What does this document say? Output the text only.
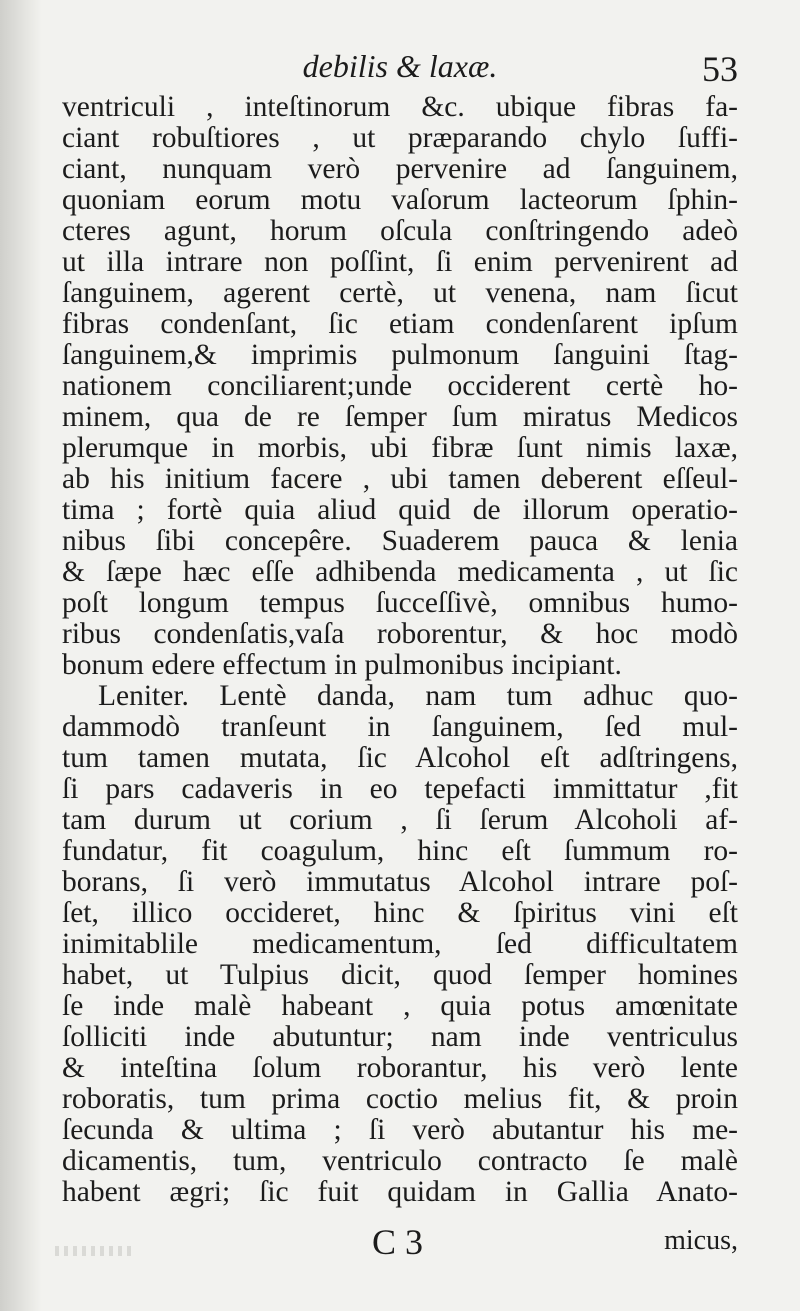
debilis & laxæ.	53
ventriculi , inteſtinorum &c. ubique fibras fa-
ciant robuſtiores , ut præparando chylo ſuffi-
ciant, nunquam verò pervenire ad ſanguinem,
quoniam eorum motu vaſorum lacteorum ſphin-
cteres agunt, horum oſcula conſtringendo adeò
ut illa intrare non poſſint, ſi enim pervenirent ad
ſanguinem, agerent certè, ut venena, nam ſicut
fibras condenſant, ſic etiam condenſarent ipſum
ſanguinem,& imprimis pulmonum ſanguini ſtag-
nationem conciliarent;unde occiderent certè ho-
minem, qua de re ſemper ſum miratus Medicos
plerumque in morbis, ubi fibræ ſunt nimis laxæ,
ab his initium facere , ubi tamen deberent eſſeul-
tima ; fortè quia aliud quid de illorum operatio-
nibus ſibi concepêre. Suaderem pauca & lenia
& ſæpe hæc eſſe adhibenda medicamenta , ut ſic
poſt longum tempus ſucceſſivè, omnibus humo-
ribus condenſatis,vaſa roborentur, & hoc modò
bonum edere effectum in pulmonibus incipiant.
Leniter. Lentè danda, nam tum adhuc quo-
dammodò tranſeunt in ſanguinem, ſed mul-
tum tamen mutata, ſic Alcohol eſt adſtringens,
ſi pars cadaveris in eo tepefacti immittatur ,fit
tam durum ut corium , ſi ſerum Alcoholi af-
fundatur, fit coagulum, hinc eſt ſummum ro-
borans, ſi verò immutatus Alcohol intrare poſ-
ſet, illico occideret, hinc & ſpiritus vini eſt
inimitablile medicamentum, ſed difficultatem
habet, ut Tulpius dicit, quod ſemper homines
ſe inde malè habeant , quia potus amœnitate
ſolliciti inde abutuntur; nam inde ventriculus
& inteſtina ſolum roborantur, his verò lente
roboratis, tum prima coctio melius fit, & proin
ſecunda & ultima ; ſi verò abutantur his me-
dicamentis, tum, ventriculo contracto ſe malè
habent ægri; ſic fuit quidam in Gallia Anato-
C 3	micus,
